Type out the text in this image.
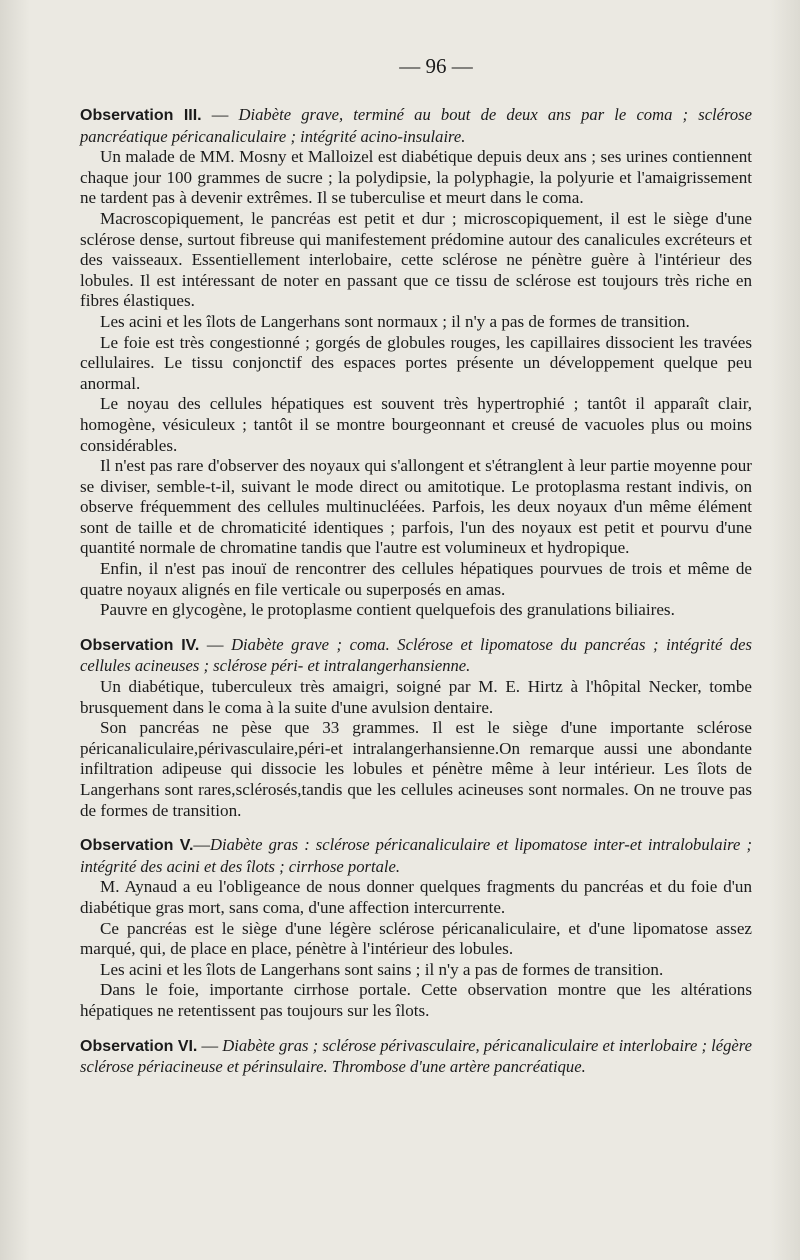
— 96 —

Observation III. — Diabète grave, terminé au bout de deux ans par le coma ; sclérose pancréatique péricanaliculaire ; intégrité acino-insulaire.

Un malade de MM. Mosny et Malloizel est diabétique depuis deux ans ; ses urines contiennent chaque jour 100 grammes de sucre ; la polydipsie, la polyphagie, la polyurie et l'amaigrissement ne tardent pas à devenir extrêmes. Il se tuberculise et meurt dans le coma.

Macroscopiquement, le pancréas est petit et dur ; microscopiquement, il est le siège d'une sclérose dense, surtout fibreuse qui manifestement prédomine autour des canalicules excréteurs et des vaisseaux. Essentiellement interlobaire, cette sclérose ne pénètre guère à l'intérieur des lobules. Il est intéressant de noter en passant que ce tissu de sclérose est toujours très riche en fibres élastiques.

Les acini et les îlots de Langerhans sont normaux ; il n'y a pas de formes de transition.

Le foie est très congestionné ; gorgés de globules rouges, les capillaires dissocient les travées cellulaires. Le tissu conjonctif des espaces portes présente un développement quelque peu anormal.

Le noyau des cellules hépatiques est souvent très hypertrophié ; tantôt il apparaît clair, homogène, vésiculeux ; tantôt il se montre bourgeonnant et creusé de vacuoles plus ou moins considérables.

Il n'est pas rare d'observer des noyaux qui s'allongent et s'étranglent à leur partie moyenne pour se diviser, semble-t-il, suivant le mode direct ou amitotique. Le protoplasma restant indivis, on observe fréquemment des cellules multinucléées. Parfois, les deux noyaux d'un même élément sont de taille et de chromaticité identiques ; parfois, l'un des noyaux est petit et pourvu d'une quantité normale de chromatine tandis que l'autre est volumineux et hydropique.

Enfin, il n'est pas inouï de rencontrer des cellules hépatiques pourvues de trois et même de quatre noyaux alignés en file verticale ou superposés en amas.

Pauvre en glycogène, le protoplasme contient quelquefois des granulations biliaires.

Observation IV. — Diabète grave ; coma. Sclérose et lipomatose du pancréas ; intégrité des cellules acineuses ; sclérose péri- et intralangerhansienne.

Un diabétique, tuberculeux très amaigri, soigné par M. E. Hirtz à l'hôpital Necker, tombe brusquement dans le coma à la suite d'une avulsion dentaire.

Son pancréas ne pèse que 33 grammes. Il est le siège d'une importante sclérose péricanaliculaire,périvasculaire,péri-et intralangerhansienne.On remarque aussi une abondante infiltration adipeuse qui dissocie les lobules et pénètre même à leur intérieur. Les îlots de Langerhans sont rares,sclérosés,tandis que les cellules acineuses sont normales. On ne trouve pas de formes de transition.

Observation V.—Diabète gras : sclérose péricanaliculaire et lipomatose inter-et intralobulaire ; intégrité des acini et des îlots ; cirrhose portale.

M. Aynaud a eu l'obligeance de nous donner quelques fragments du pancréas et du foie d'un diabétique gras mort, sans coma, d'une affection intercurrente.

Ce pancréas est le siège d'une légère sclérose péricanaliculaire, et d'une lipomatose assez marqué, qui, de place en place, pénètre à l'intérieur des lobules.

Les acini et les îlots de Langerhans sont sains ; il n'y a pas de formes de transition.

Dans le foie, importante cirrhose portale. Cette observation montre que les altérations hépatiques ne retentissent pas toujours sur les îlots.

Observation VI. — Diabète gras ; sclérose périvasculaire, péricanaliculaire et interlobaire ; légère sclérose périacineuse et périnsulaire. Thrombose d'une artère pancréatique.
